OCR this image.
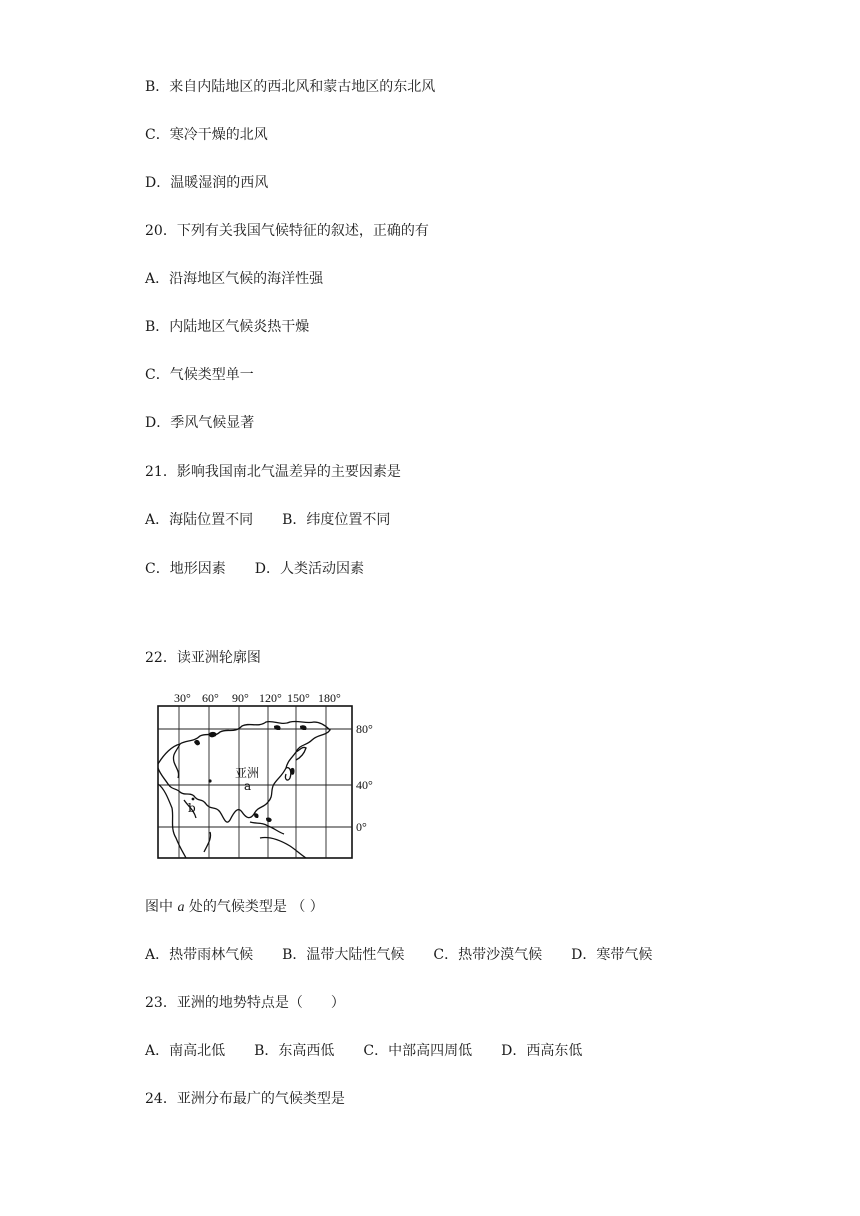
B．来自内陆地区的西北风和蒙古地区的东北风
C．寒冷干燥的北风
D．温暖湿润的西风
20．下列有关我国气候特征的叙述，正确的有
A．沿海地区气候的海洋性强
B．内陆地区气候炎热干燥
C．气候类型单一
D．季风气候显著
21．影响我国南北气温差异的主要因素是
A．海陆位置不同 B．纬度位置不同
C．地形因素 D．人类活动因素
22．读亚洲轮廓图
30° 60° 90° 120° 150° 180°
80°
40°
0°
亚洲
a
b
图中 a 处的气候类型是 （ ）
A．热带雨林气候 B．温带大陆性气候 C．热带沙漠气候 D．寒带气候
23．亚洲的地势特点是（　　）
A．南高北低 B．东高西低 C．中部高四周低 D．西高东低
24．亚洲分布最广的气候类型是
